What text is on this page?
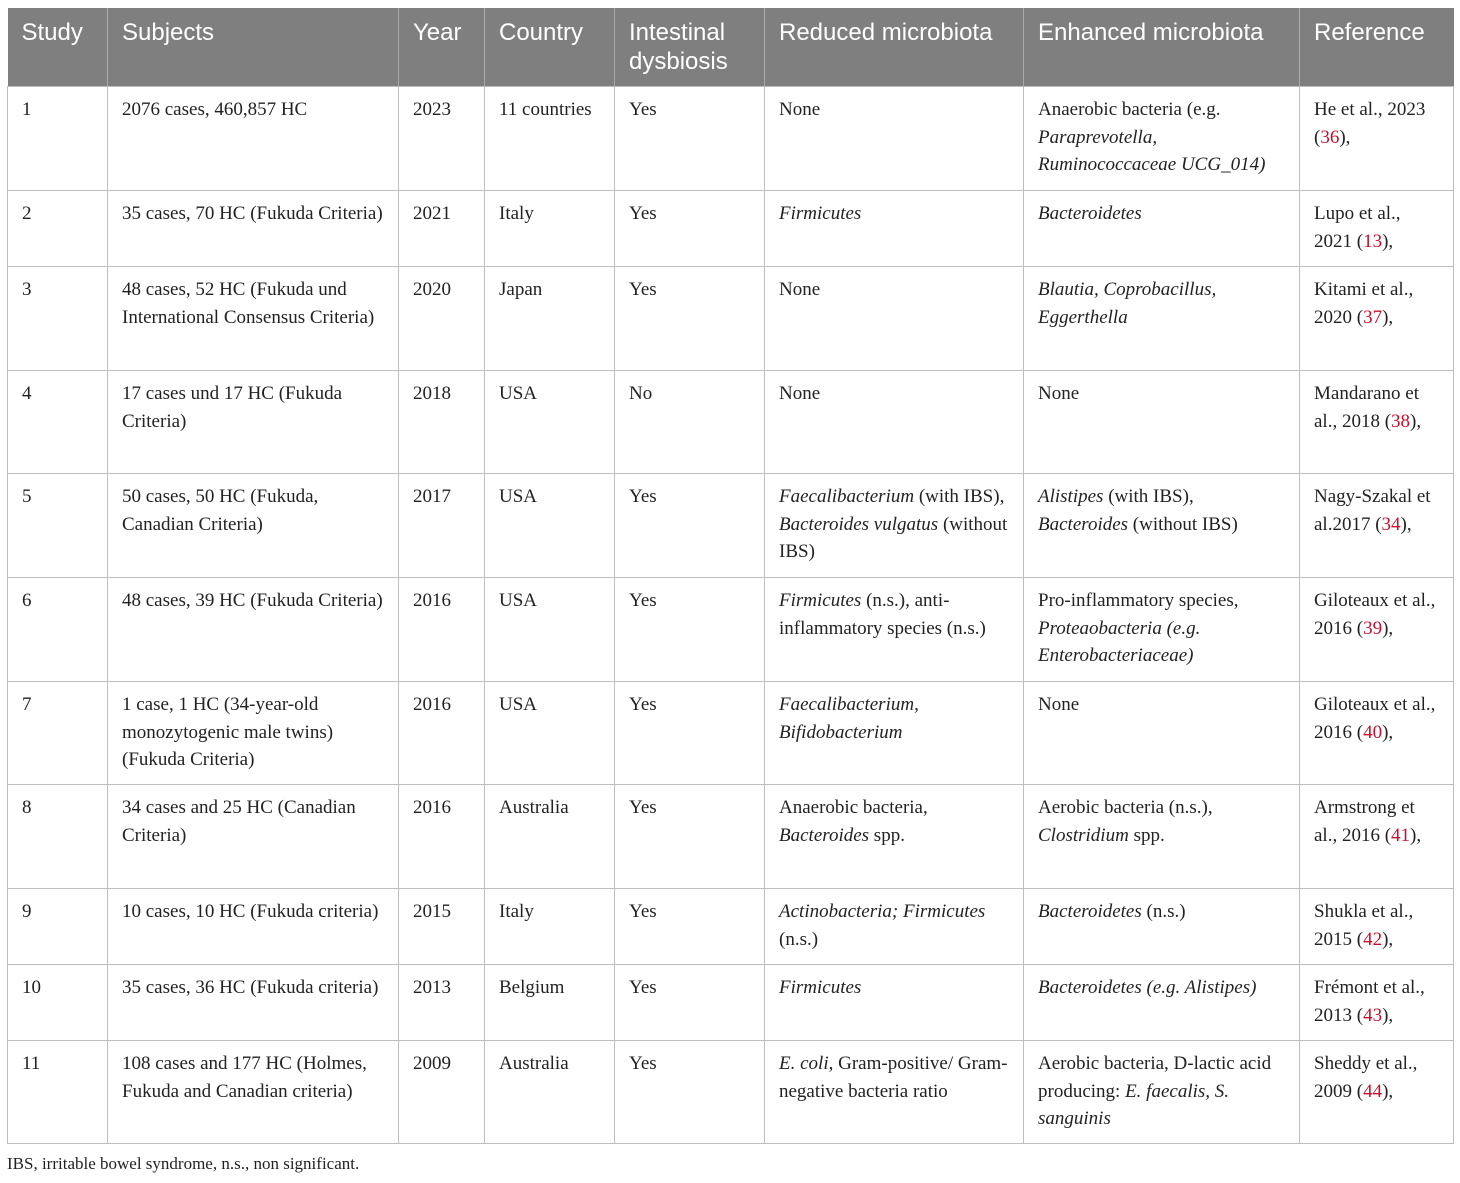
Study	Subjects	Year	Country	Intestinal dysbiosis	Reduced microbiota	Enhanced microbiota	Reference
1	2076 cases, 460,857 HC	2023	11 countries	Yes	None	Anaerobic bacteria (e.g. Paraprevotella, Ruminococcaceae UCG_014)	He et al., 2023 (36),
2	35 cases, 70 HC (Fukuda Criteria)	2021	Italy	Yes	Firmicutes	Bacteroidetes	Lupo et al., 2021 (13),
3	48 cases, 52 HC (Fukuda und International Consensus Criteria)	2020	Japan	Yes	None	Blautia, Coprobacillus, Eggerthella	Kitami et al., 2020 (37),
4	17 cases und 17 HC (Fukuda Criteria)	2018	USA	No	None	None	Mandarano et al., 2018 (38),
5	50 cases, 50 HC (Fukuda, Canadian Criteria)	2017	USA	Yes	Faecalibacterium (with IBS), Bacteroides vulgatus (without IBS)	Alistipes (with IBS), Bacteroides (without IBS)	Nagy-Szakal et al.2017 (34),
6	48 cases, 39 HC (Fukuda Criteria)	2016	USA	Yes	Firmicutes (n.s.), anti-inflammatory species (n.s.)	Pro-inflammatory species, Proteaobacteria (e.g. Enterobacteriaceae)	Giloteaux et al., 2016 (39),
7	1 case, 1 HC (34-year-old monozytogenic male twins) (Fukuda Criteria)	2016	USA	Yes	Faecalibacterium, Bifidobacterium	None	Giloteaux et al., 2016 (40),
8	34 cases and 25 HC (Canadian Criteria)	2016	Australia	Yes	Anaerobic bacteria, Bacteroides spp.	Aerobic bacteria (n.s.), Clostridium spp.	Armstrong et al., 2016 (41),
9	10 cases, 10 HC (Fukuda criteria)	2015	Italy	Yes	Actinobacteria; Firmicutes (n.s.)	Bacteroidetes (n.s.)	Shukla et al., 2015 (42),
10	35 cases, 36 HC (Fukuda criteria)	2013	Belgium	Yes	Firmicutes	Bacteroidetes (e.g. Alistipes)	Frémont et al., 2013 (43),
11	108 cases and 177 HC (Holmes, Fukuda and Canadian criteria)	2009	Australia	Yes	E. coli, Gram-positive/ Gram-negative bacteria ratio	Aerobic bacteria, D-lactic acid producing: E. faecalis, S. sanguinis	Sheddy et al., 2009 (44),
IBS, irritable bowel syndrome, n.s., non significant.
